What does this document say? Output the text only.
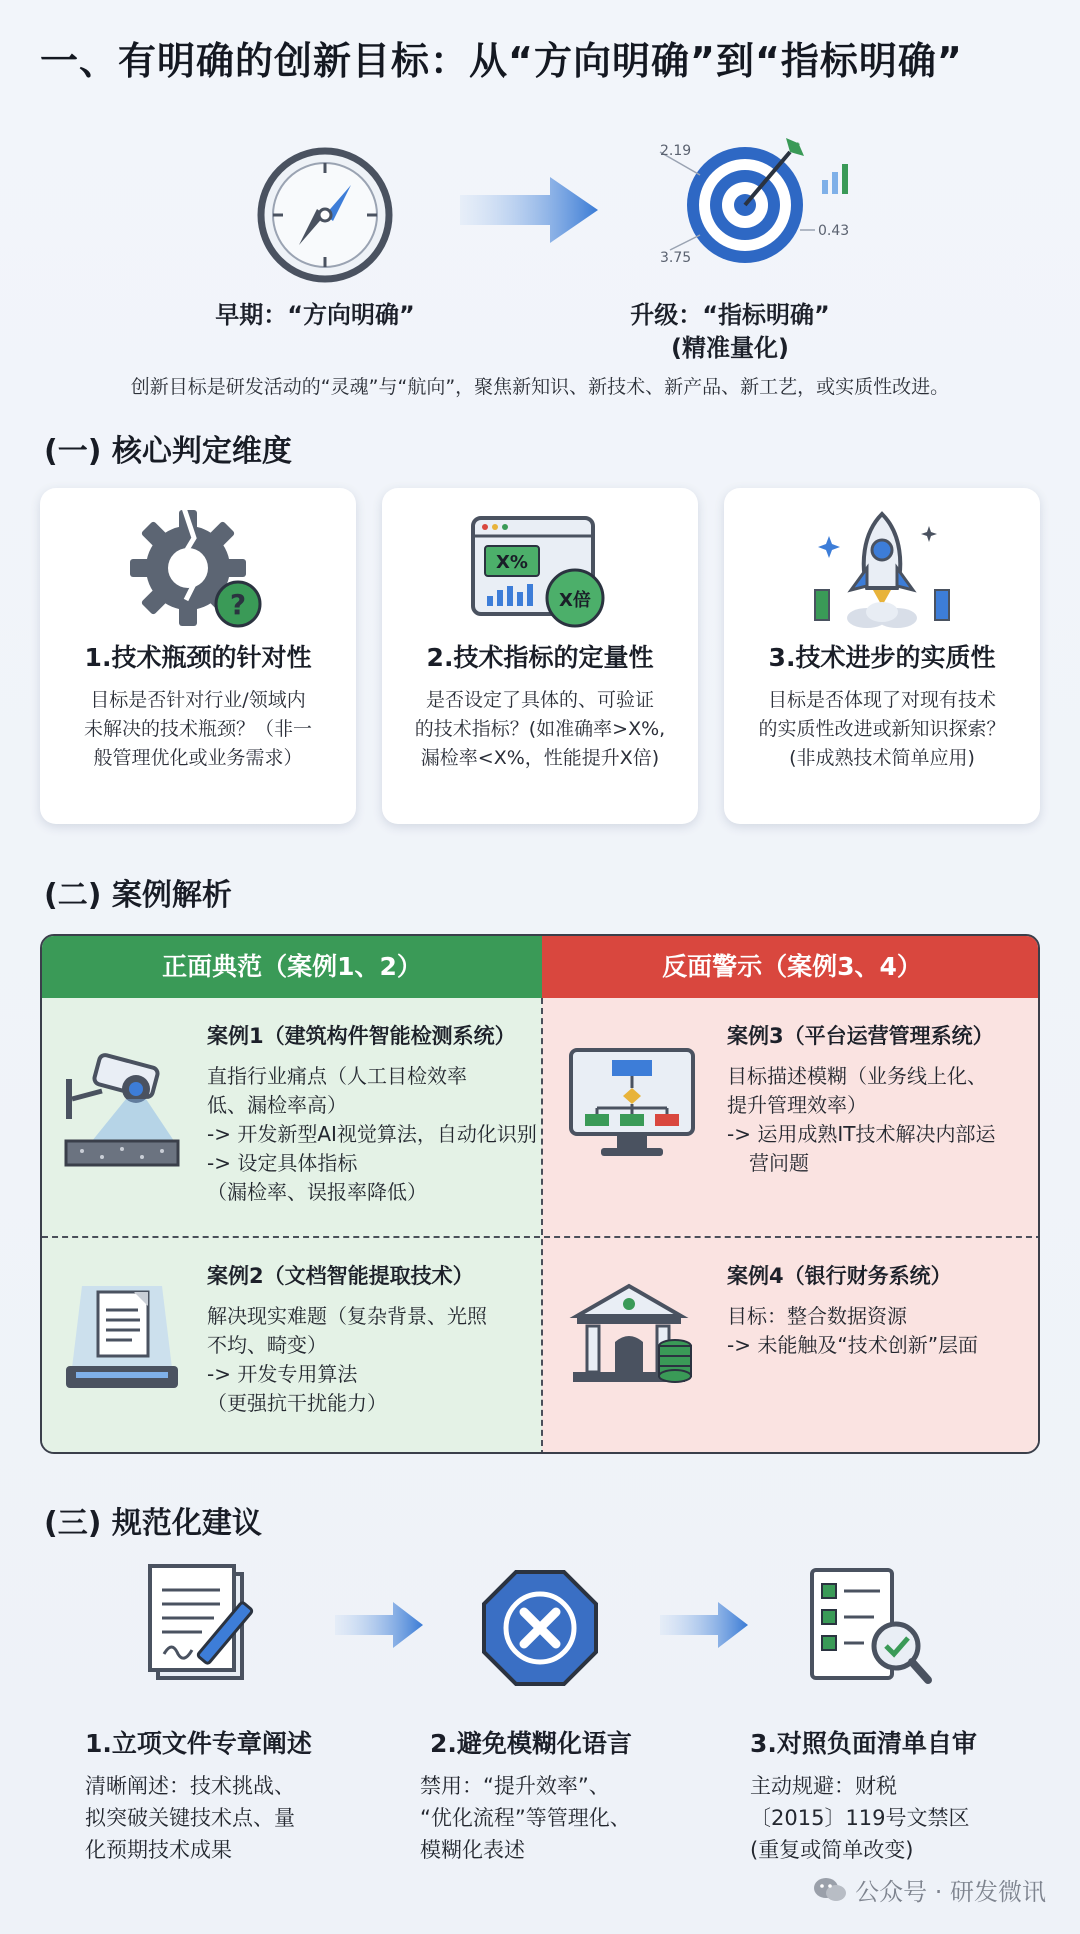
一、有明确的创新目标：从“方向明确”到“指标明确”
2.19
3.75
0.43
早期：“方向明确”	升级：“指标明确”
(精准量化)
创新目标是研发活动的“灵魂”与“航向”，聚焦新知识、新技术、新产品、新工艺，或实质性改进。
(一) 核心判定维度
?
1.技术瓶颈的针对性
目标是否针对行业/领域内
未解决的技术瓶颈？（非一
般管理优化或业务需求）
X%
X倍
2.技术指标的定量性
是否设定了具体的、可验证
的技术指标？(如准确率>X%,
漏检率<X%，性能提升X倍)
3.技术进步的实质性
目标是否体现了对现有技术
的实质性改进或新知识探索？
(非成熟技术简单应用)
(二) 案例解析
正面典范（案例1、2）	反面警示（案例3、4）
案例1（建筑构件智能检测系统）
直指行业痛点（人工目检效率
低、漏检率高）
-> 开发新型AI视觉算法，自动化识别
-> 设定具体指标
（漏检率、误报率降低）
案例3（平台运营管理系统）
目标描述模糊（业务线上化、
提升管理效率）
-> 运用成熟IT技术解决内部运
营问题
案例2（文档智能提取技术）
解决现实难题（复杂背景、光照
不均、畸变）
-> 开发专用算法
（更强抗干扰能力）
案例4（银行财务系统）
目标：整合数据资源
-> 未能触及“技术创新”层面
(三) 规范化建议
1.立项文件专章阐述
清晰阐述：技术挑战、
拟突破关键技术点、量
化预期技术成果
2.避免模糊化语言
禁用：“提升效率”、
“优化流程”等管理化、
模糊化表述
3.对照负面清单自审
主动规避：财税
〔2015〕119号文禁区
(重复或简单改变)
公众号 · 研发微讯
